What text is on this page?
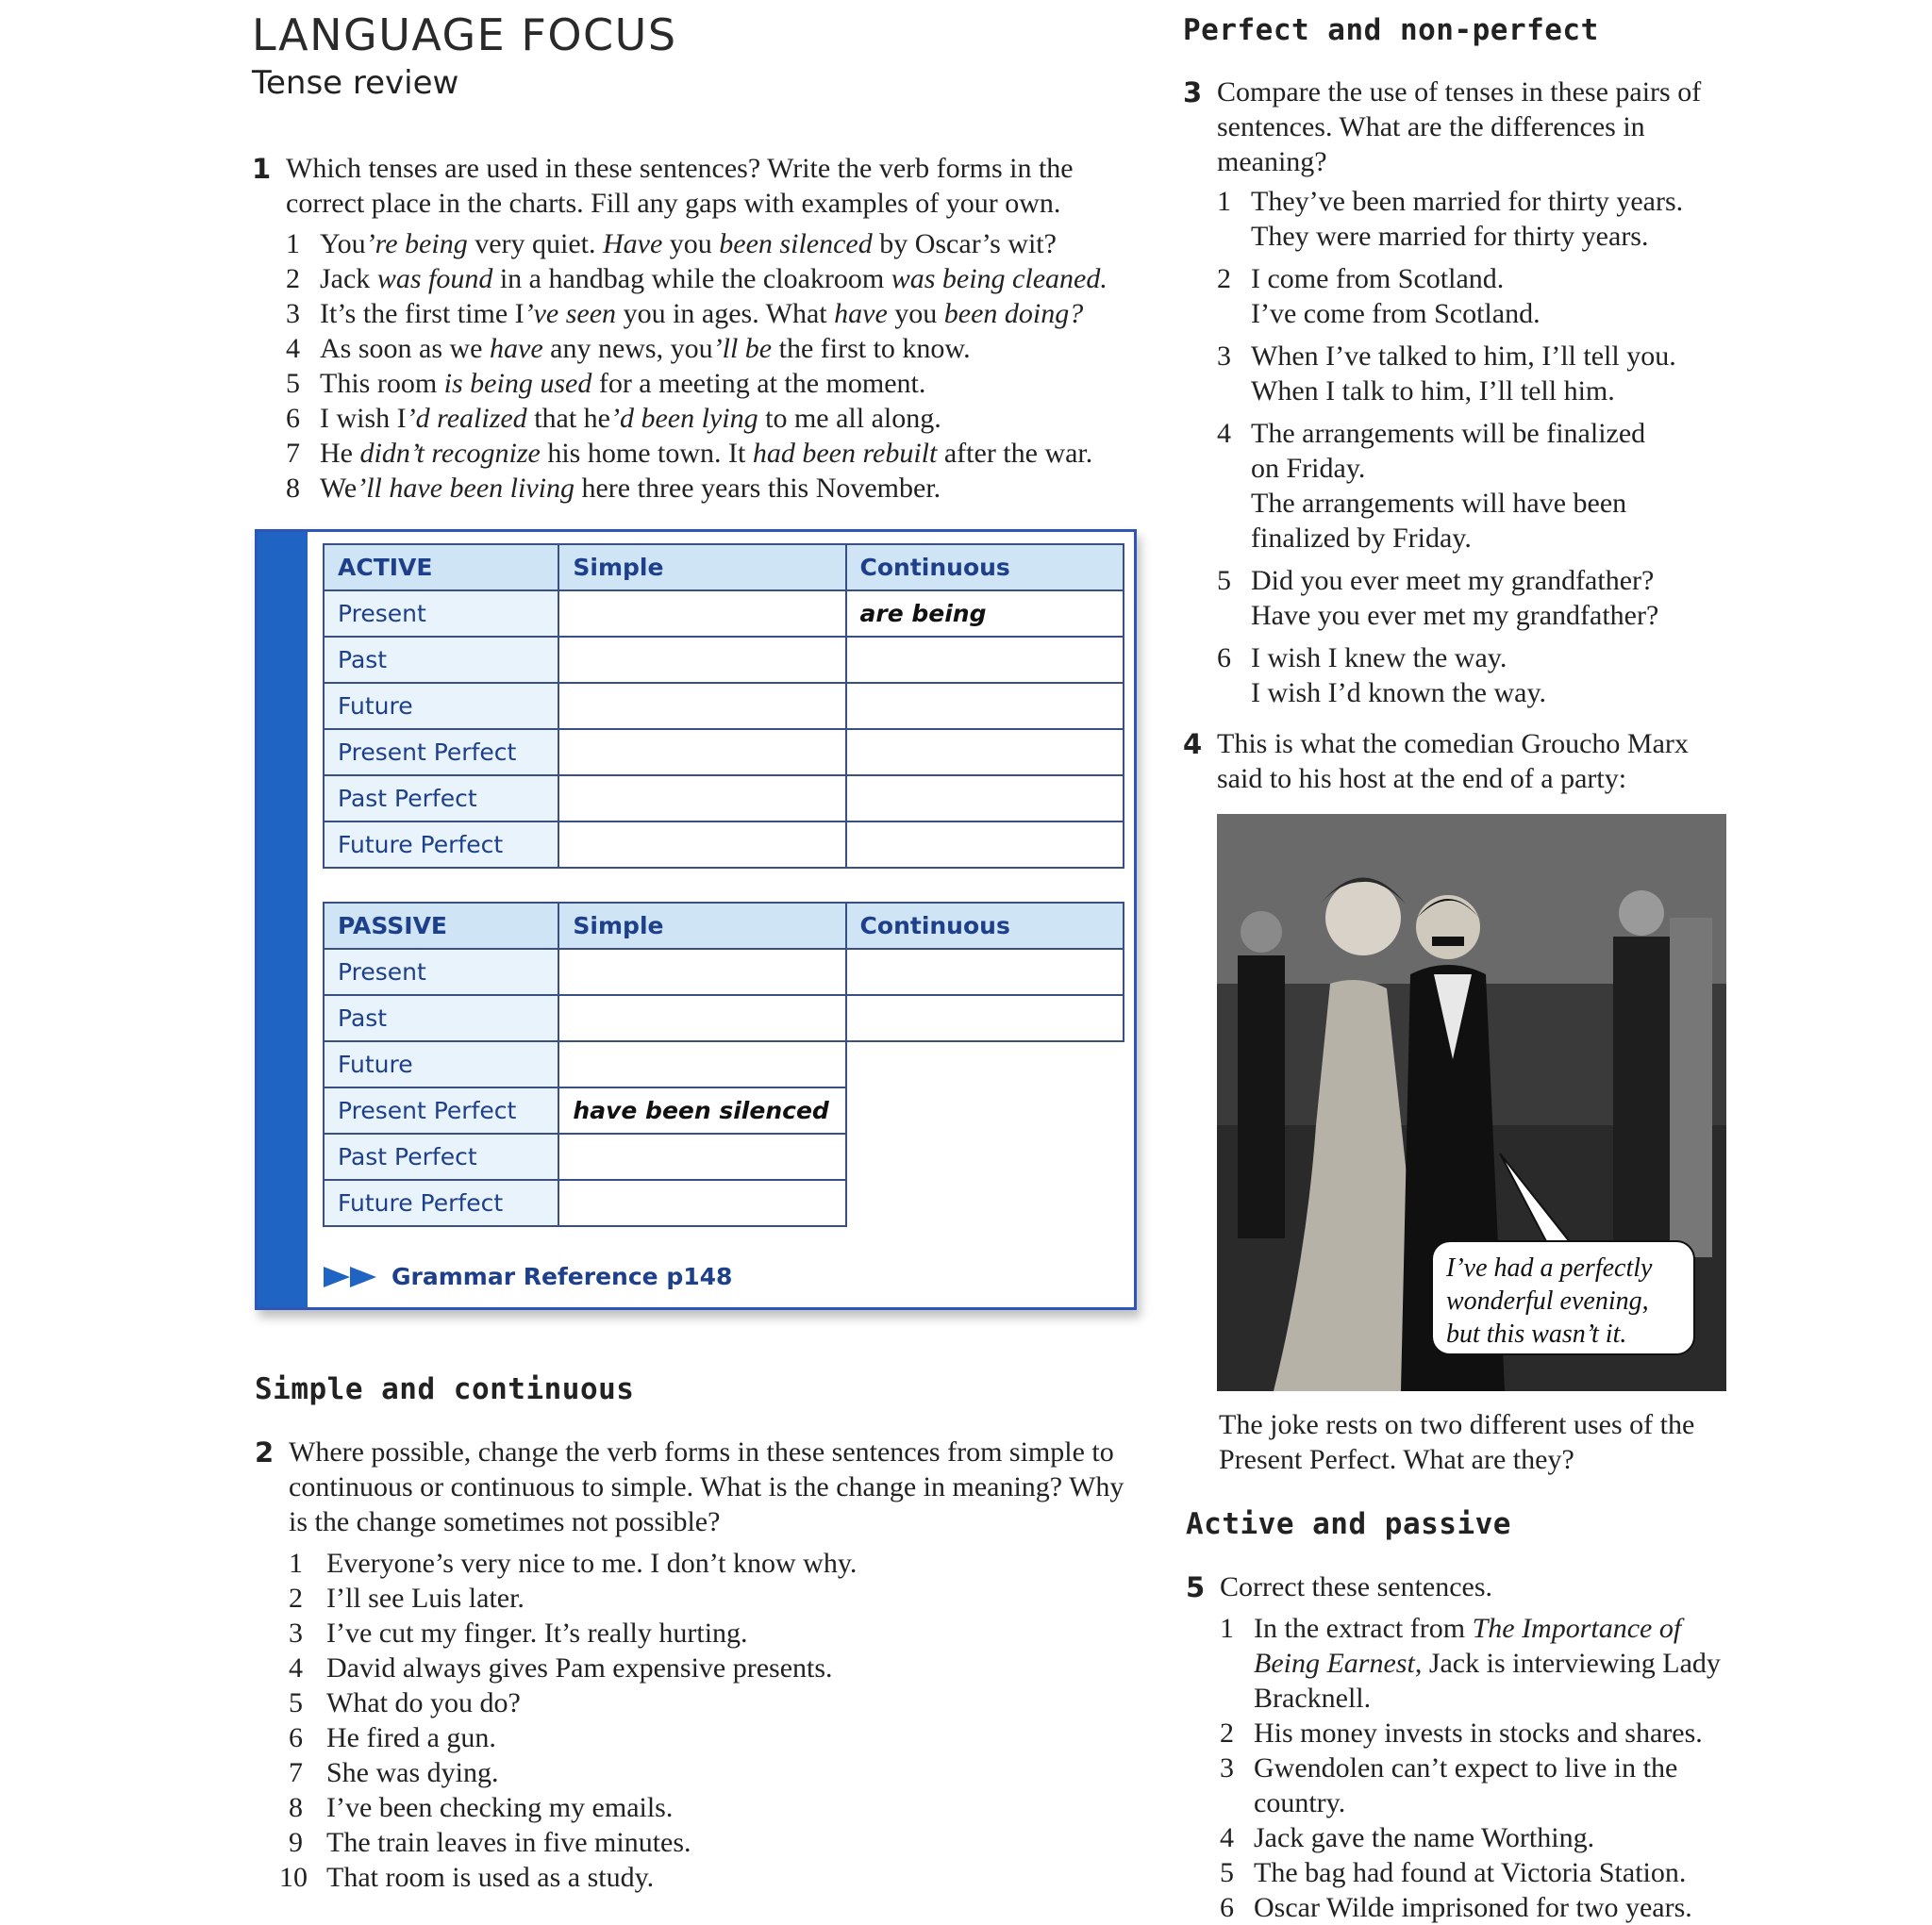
LANGUAGE FOCUS
Tense review
1 Which tenses are used in these sentences? Write the verb forms in the correct place in the charts. Fill any gaps with examples of your own.
1 You’re being very quiet. Have you been silenced by Oscar’s wit?
2 Jack was found in a handbag while the cloakroom was being cleaned.
3 It’s the first time I’ve seen you in ages. What have you been doing?
4 As soon as we have any news, you’ll be the first to know.
5 This room is being used for a meeting at the moment.
6 I wish I’d realized that he’d been lying to me all along.
7 He didn’t recognize his home town. It had been rebuilt after the war.
8 We’ll have been living here three years this November.
ACTIVE	Simple	Continuous
Present		are being
Past		
Future		
Present Perfect		
Past Perfect		
Future Perfect		
PASSIVE	Simple	Continuous
Present		
Past		
Future		
Present Perfect	have been silenced	
Past Perfect		
Future Perfect		
Grammar Reference p148
Simple and continuous
2 Where possible, change the verb forms in these sentences from simple to continuous or continuous to simple. What is the change in meaning? Why is the change sometimes not possible?
1 Everyone’s very nice to me. I don’t know why.
2 I’ll see Luis later.
3 I’ve cut my finger. It’s really hurting.
4 David always gives Pam expensive presents.
5 What do you do?
6 He fired a gun.
7 She was dying.
8 I’ve been checking my emails.
9 The train leaves in five minutes.
10 That room is used as a study.
Perfect and non-perfect
3 Compare the use of tenses in these pairs of sentences. What are the differences in meaning?
1 They’ve been married for thirty years.
They were married for thirty years.
2 I come from Scotland.
I’ve come from Scotland.
3 When I’ve talked to him, I’ll tell you.
When I talk to him, I’ll tell him.
4 The arrangements will be finalized
on Friday.
The arrangements will have been
finalized by Friday.
5 Did you ever meet my grandfather?
Have you ever met my grandfather?
6 I wish I knew the way.
I wish I’d known the way.
4 This is what the comedian Groucho Marx said to his host at the end of a party:
I’ve had a perfectly wonderful evening, but this wasn’t it.
The joke rests on two different uses of the Present Perfect. What are they?
Active and passive
5 Correct these sentences.
1 In the extract from The Importance of Being Earnest, Jack is interviewing Lady Bracknell.
2 His money invests in stocks and shares.
3 Gwendolen can’t expect to live in the country.
4 Jack gave the name Worthing.
5 The bag had found at Victoria Station.
6 Oscar Wilde imprisoned for two years.
